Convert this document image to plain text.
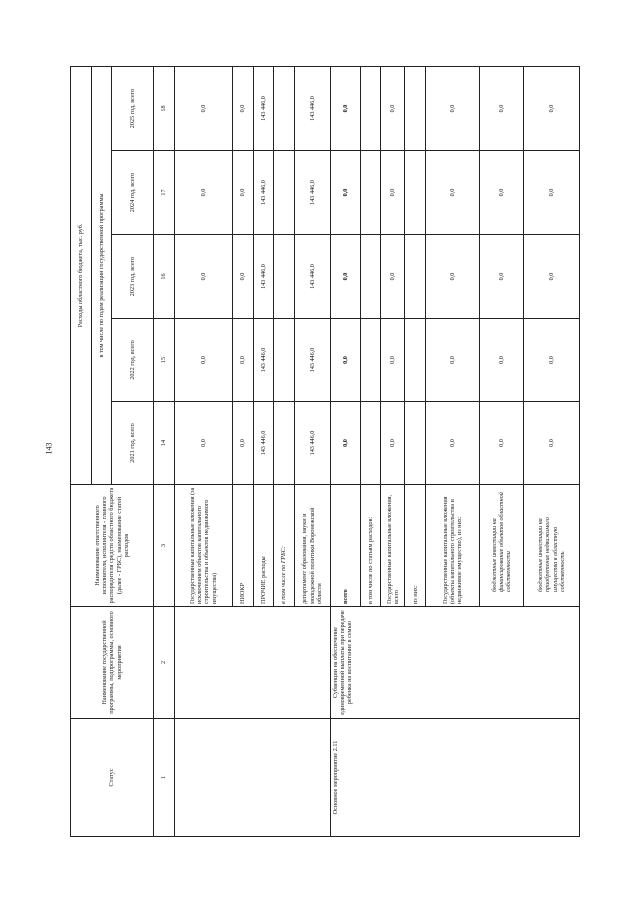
143
Статус	Наименование государственной программы, подпрограммы, основного мероприятия	Наименование ответственного исполнителя, исполнителя - главного распорядителя средств областного бюджета (далее - ГРБС), наименование статей расходов	Расходы областного бюджета, тыс. руб.				
			в том числе по годам реализации государственной программы				
			2021 год, всего	2022 год, всего	2023 год, всего	2024 год, всего	2025 год, всего
1	2	3	14	15	16	17	18
		Государственные капитальные вложения (за исключением объектов капитального строительства и объектов недвижимого имущества)	0,0	0,0	0,0	0,0	0,0
		НИОКР	0,0	0,0	0,0	0,0	0,0
		ПРОЧИЕ расходы	143 446,0	143 446,0	143 446,0	143 446,0	143 446,0
		в том числе по ГРБС:					
		департамент образования, науки и молодежной политики Воронежской области	143 446,0	143 446,0	143 446,0	143 446,0	143 446,0
Основное мероприятие 2.11	Субвенции на обеспечение единовременной выплаты при передаче ребенка на воспитание в семью	всего	0,0	0,0	0,0	0,0	0,0
		в том числе по статьям расходов:					
		Государственные капитальные вложения, всего	0,0	0,0	0,0	0,0	0,0
		из них:					
		Государственные капитальные вложения (объекты капитального строительства и недвижимое имущество), из них:	0,0	0,0	0,0	0,0	0,0
		бюджетные инвестиции на финансирование объектов областной собственности	0,0	0,0	0,0	0,0	0,0
		бюджетные инвестиции на приобретение недвижимого имущества в областную собственность	0,0	0,0	0,0	0,0	0,0
